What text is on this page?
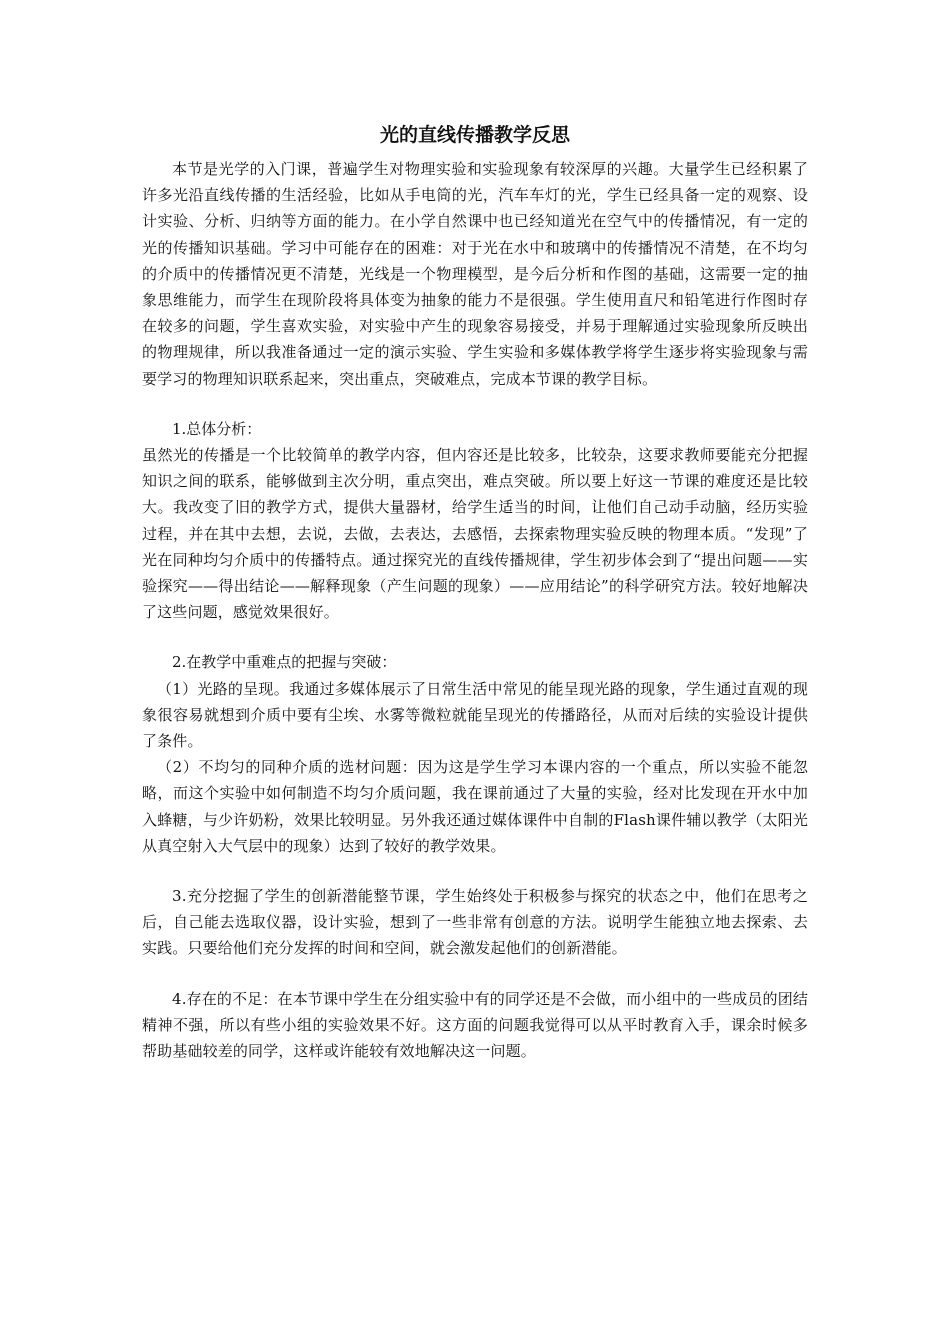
光的直线传播教学反思

本节是光学的入门课，普遍学生对物理实验和实验现象有较深厚的兴趣。大量学生已经积累了许多光沿直线传播的生活经验，比如从手电筒的光，汽车车灯的光，学生已经具备一定的观察、设计实验、分析、归纳等方面的能力。在小学自然课中也已经知道光在空气中的传播情况，有一定的光的传播知识基础。学习中可能存在的困难：对于光在水中和玻璃中的传播情况不清楚，在不均匀的介质中的传播情况更不清楚，光线是一个物理模型，是今后分析和作图的基础，这需要一定的抽象思维能力，而学生在现阶段将具体变为抽象的能力不是很强。学生使用直尺和铅笔进行作图时存在较多的问题，学生喜欢实验，对实验中产生的现象容易接受，并易于理解通过实验现象所反映出的物理规律，所以我准备通过一定的演示实验、学生实验和多媒体教学将学生逐步将实验现象与需要学习的物理知识联系起来，突出重点，突破难点，完成本节课的教学目标。

1.总体分析：

虽然光的传播是一个比较简单的教学内容，但内容还是比较多，比较杂，这要求教师要能充分把握知识之间的联系，能够做到主次分明，重点突出，难点突破。所以要上好这一节课的难度还是比较大。我改变了旧的教学方式，提供大量器材，给学生适当的时间，让他们自己动手动脑，经历实验过程，并在其中去想，去说，去做，去表达，去感悟，去探索物理实验反映的物理本质。“发现”了光在同种均匀介质中的传播特点。通过探究光的直线传播规律，学生初步体会到了“提出问题——实验探究——得出结论——解释现象（产生问题的现象）——应用结论”的科学研究方法。较好地解决了这些问题，感觉效果很好。

2.在教学中重难点的把握与突破：

（1）光路的呈现。我通过多媒体展示了日常生活中常见的能呈现光路的现象，学生通过直观的现象很容易就想到介质中要有尘埃、水雾等微粒就能呈现光的传播路径，从而对后续的实验设计提供了条件。

（2）不均匀的同种介质的选材问题：因为这是学生学习本课内容的一个重点，所以实验不能忽略，而这个实验中如何制造不均匀介质问题，我在课前通过了大量的实验，经对比发现在开水中加入蜂糖，与少许奶粉，效果比较明显。另外我还通过媒体课件中自制的Flash课件辅以教学（太阳光从真空射入大气层中的现象）达到了较好的教学效果。

3.充分挖掘了学生的创新潜能整节课，学生始终处于积极参与探究的状态之中，他们在思考之后，自己能去选取仪器，设计实验，想到了一些非常有创意的方法。说明学生能独立地去探索、去实践。只要给他们充分发挥的时间和空间，就会激发起他们的创新潜能。

4.存在的不足：在本节课中学生在分组实验中有的同学还是不会做，而小组中的一些成员的团结精神不强，所以有些小组的实验效果不好。这方面的问题我觉得可以从平时教育入手，课余时候多帮助基础较差的同学，这样或许能较有效地解决这一问题。
